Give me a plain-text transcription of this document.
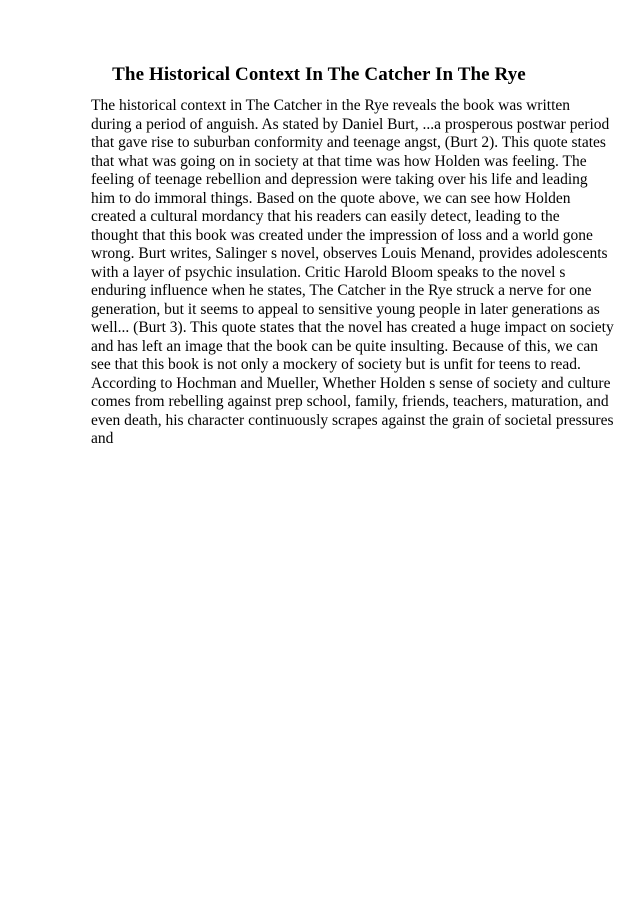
The Historical Context In The Catcher In The Rye
The historical context in The Catcher in the Rye reveals the book was written
during a period of anguish. As stated by Daniel Burt, ...a prosperous postwar period
that gave rise to suburban conformity and teenage angst, (Burt 2). This quote states
that what was going on in society at that time was how Holden was feeling. The
feeling of teenage rebellion and depression were taking over his life and leading
him to do immoral things. Based on the quote above, we can see how Holden
created a cultural mordancy that his readers can easily detect, leading to the
thought that this book was created under the impression of loss and a world gone
wrong. Burt writes, Salinger s novel, observes Louis Menand, provides adolescents
with a layer of psychic insulation. Critic Harold Bloom speaks to the novel s
enduring influence when he states, The Catcher in the Rye struck a nerve for one
generation, but it seems to appeal to sensitive young people in later generations as
well... (Burt 3). This quote states that the novel has created a huge impact on society
and has left an image that the book can be quite insulting. Because of this, we can
see that this book is not only a mockery of society but is unfit for teens to read.
According to Hochman and Mueller, Whether Holden s sense of society and culture
comes from rebelling against prep school, family, friends, teachers, maturation, and
even death, his character continuously scrapes against the grain of societal pressures
and
